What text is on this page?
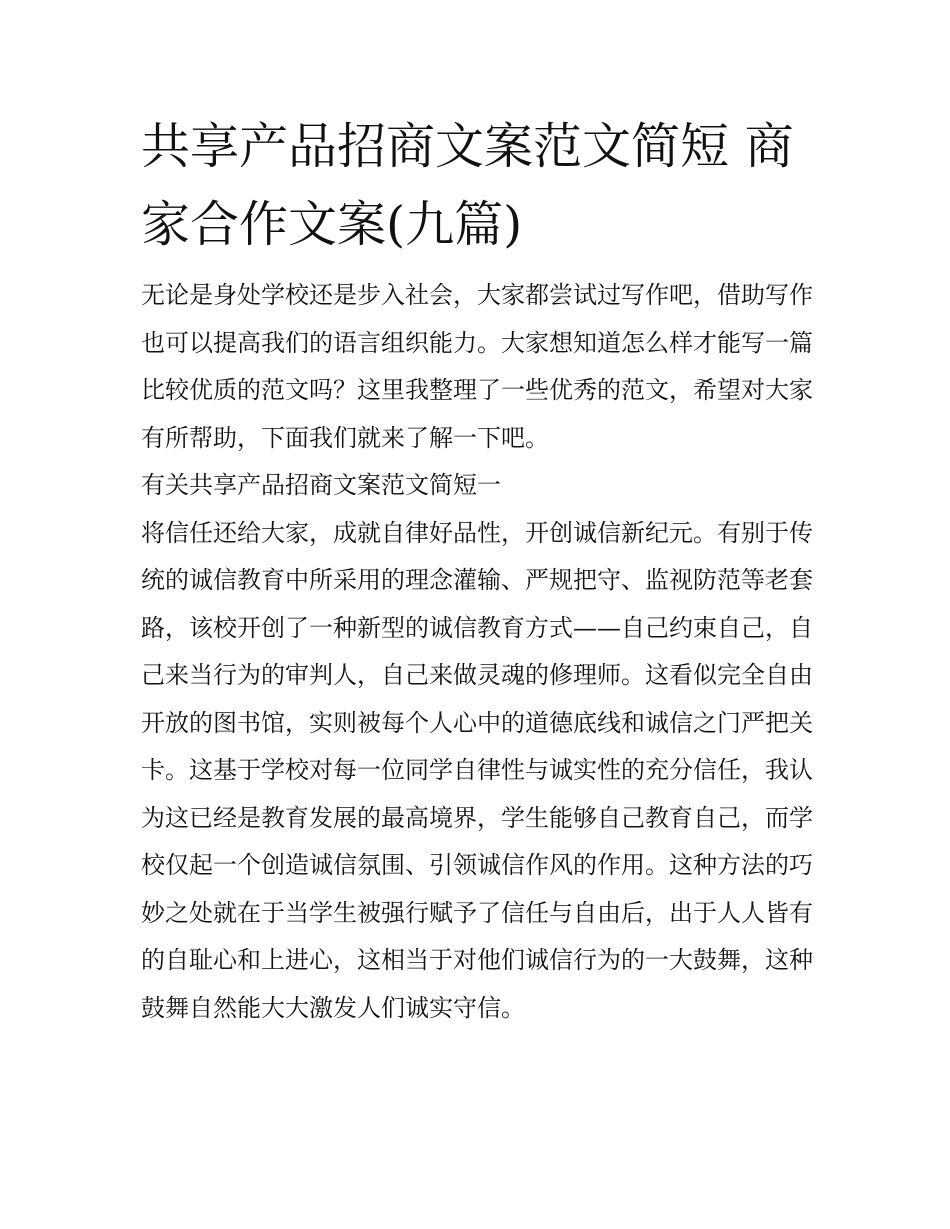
共享产品招商文案范文简短 商家合作文案(九篇)

无论是身处学校还是步入社会，大家都尝试过写作吧，借助写作也可以提高我们的语言组织能力。大家想知道怎么样才能写一篇比较优质的范文吗？这里我整理了一些优秀的范文，希望对大家有所帮助，下面我们就来了解一下吧。

有关共享产品招商文案范文简短一

将信任还给大家，成就自律好品性，开创诚信新纪元。有别于传统的诚信教育中所采用的理念灌输、严规把守、监视防范等老套路，该校开创了一种新型的诚信教育方式——自己约束自己，自己来当行为的审判人，自己来做灵魂的修理师。这看似完全自由开放的图书馆，实则被每个人心中的道德底线和诚信之门严把关卡。这基于学校对每一位同学自律性与诚实性的充分信任，我认为这已经是教育发展的最高境界，学生能够自己教育自己，而学校仅起一个创造诚信氛围、引领诚信作风的作用。这种方法的巧妙之处就在于当学生被强行赋予了信任与自由后，出于人人皆有的自耻心和上进心，这相当于对他们诚信行为的一大鼓舞，这种鼓舞自然能大大激发人们诚实守信。
